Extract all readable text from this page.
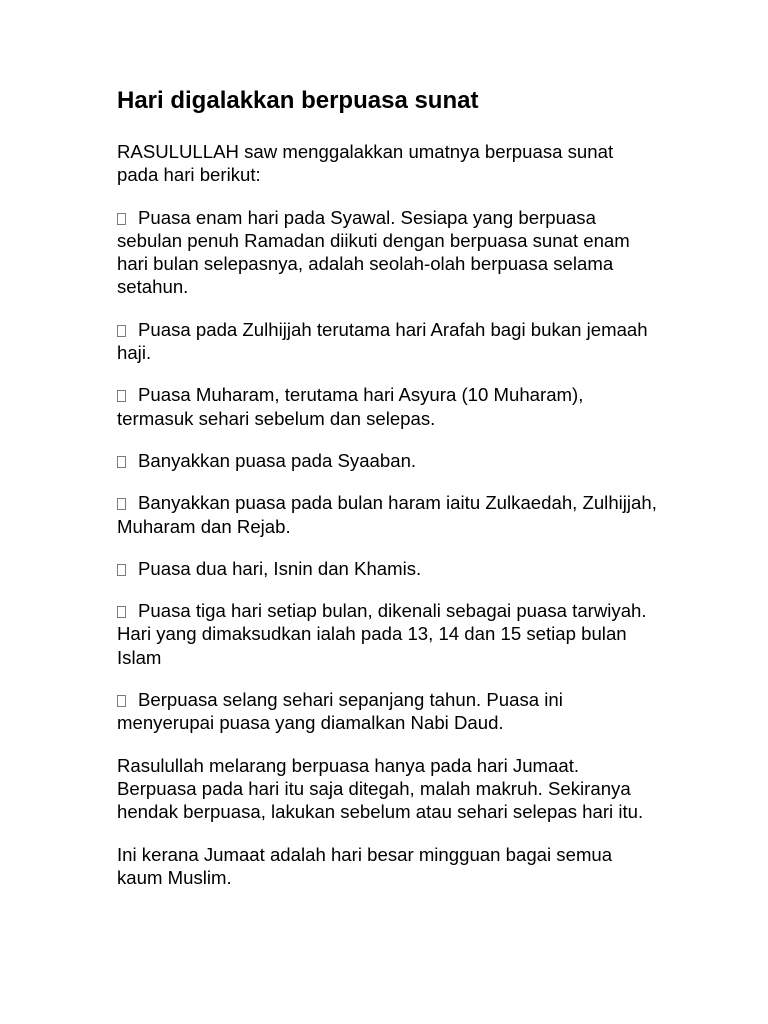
Hari digalakkan berpuasa sunat

RASULULLAH saw menggalakkan umatnya berpuasa sunat pada hari berikut:

Puasa enam hari pada Syawal. Sesiapa yang berpuasa sebulan penuh Ramadan diikuti dengan berpuasa sunat enam hari bulan selepasnya, adalah seolah-olah berpuasa selama setahun.

Puasa pada Zulhijjah terutama hari Arafah bagi bukan jemaah haji.

Puasa Muharam, terutama hari Asyura (10 Muharam), termasuk sehari sebelum dan selepas.

Banyakkan puasa pada Syaaban.

Banyakkan puasa pada bulan haram iaitu Zulkaedah, Zulhijjah, Muharam dan Rejab.

Puasa dua hari, Isnin dan Khamis.

Puasa tiga hari setiap bulan, dikenali sebagai puasa tarwiyah. Hari yang dimaksudkan ialah pada 13, 14 dan 15 setiap bulan Islam

Berpuasa selang sehari sepanjang tahun. Puasa ini menyerupai puasa yang diamalkan Nabi Daud.

Rasulullah melarang berpuasa hanya pada hari Jumaat. Berpuasa pada hari itu saja ditegah, malah makruh. Sekiranya hendak berpuasa, lakukan sebelum atau sehari selepas hari itu.

Ini kerana Jumaat adalah hari besar mingguan bagai semua kaum Muslim.
